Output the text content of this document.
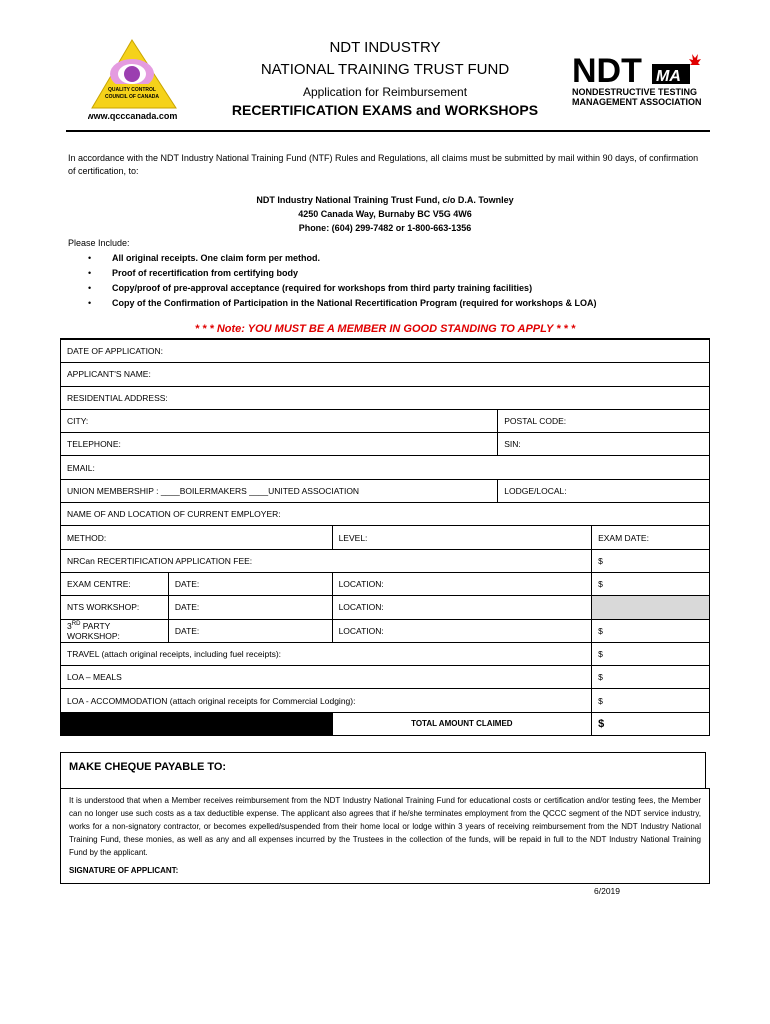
QUALITY CONTROL
COUNCIL OF CANADA
www.qcccanada.com
NDT INDUSTRY
NATIONAL TRAINING TRUST FUND
Application for Reimbursement
RECERTIFICATION EXAMS and WORKSHOPS
NDT MA
NONDESTRUCTIVE TESTING
MANAGEMENT ASSOCIATION
In accordance with the NDT Industry National Training Fund (NTF) Rules and Regulations, all claims must be submitted by mail within 90 days, of confirmation of certification, to:
NDT Industry National Training Trust Fund, c/o D.A. Townley
4250 Canada Way, Burnaby BC V5G 4W6
Phone: (604) 299-7482 or 1-800-663-1356
Please Include:
• All original receipts. One claim form per method.
• Proof of recertification from certifying body
• Copy/proof of pre-approval acceptance (required for workshops from third party training facilities)
• Copy of the Confirmation of Participation in the National Recertification Program (required for workshops & LOA)
* * * Note: YOU MUST BE A MEMBER IN GOOD STANDING TO APPLY * * *
DATE OF APPLICATION:				
APPLICANT'S NAME:				
RESIDENTIAL ADDRESS:				
CITY:			POSTAL CODE:	
TELEPHONE:			SIN:	
EMAIL:				
UNION MEMBERSHIP : ____BOILERMAKERS ____UNITED ASSOCIATION			LODGE/LOCAL:	
NAME OF AND LOCATION OF CURRENT EMPLOYER:				
METHOD:		LEVEL:		EXAM DATE:
NRCan RECERTIFICATION APPLICATION FEE:				$
EXAM CENTRE:	DATE:	LOCATION:		$
NTS WORKSHOP:	DATE:	LOCATION:		
3RD PARTY WORKSHOP:	DATE:	LOCATION:		$
TRAVEL (attach original receipts, including fuel receipts):				$
LOA – MEALS				$
LOA - ACCOMMODATION (attach original receipts for Commercial Lodging):				$
		TOTAL AMOUNT CLAIMED		$
MAKE CHEQUE PAYABLE TO:
It is understood that when a Member receives reimbursement from the NDT Industry National Training Fund for educational costs or certification and/or testing fees, the Member can no longer use such costs as a tax deductible expense. The applicant also agrees that if he/she terminates employment from the QCCC segment of the NDT service industry, works for a non-signatory contractor, or becomes expelled/suspended from their home local or lodge within 3 years of receiving reimbursement from the NDT Industry National Training Fund, these monies, as well as any and all expenses incurred by the Trustees in the collection of the funds, will be repaid in full to the NDT Industry National Training Fund by the applicant.
SIGNATURE OF APPLICANT:
6/2019
